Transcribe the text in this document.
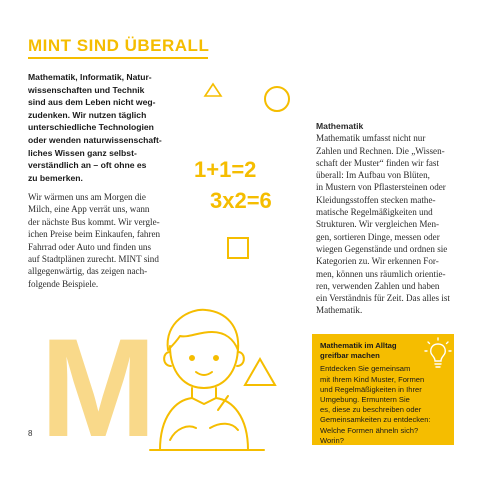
MINT SIND ÜBERALL
Mathematik, Informatik, Natur-
wissenschaften und Technik
sind aus dem Leben nicht weg-
zudenken. Wir nutzen täglich
unterschiedliche Technologien
oder wenden naturwissenschaft-
liches Wissen ganz selbst-
verständlich an – oft ohne es
zu bemerken.
Wir wärmen uns am Morgen die
Milch, eine App verrät uns, wann
der nächste Bus kommt. Wir vergle-
ichen Preise beim Einkaufen, fahren
Fahrrad oder Auto und finden uns
auf Stadtplänen zurecht. MINT sind
allgegenwärtig, das zeigen nach-
folgende Beispiele.
1+1=2
3x2=6
M
Mathematik
Mathematik umfasst nicht nur
Zahlen und Rechnen. Die „Wissen-
schaft der Muster“ finden wir fast
überall: Im Aufbau von Blüten,
in Mustern von Pflastersteinen oder
Kleidungsstoffen stecken mathe-
matische Regelmäßigkeiten und
Strukturen. Wir vergleichen Men-
gen, sortieren Dinge, messen oder
wiegen Gegenstände und ordnen sie
Kategorien zu. Wir erkennen For-
men, können uns räumlich orientie-
ren, verwenden Zahlen und haben
ein Verständnis für Zeit. Das alles ist
Mathematik.
Mathematik im Alltag
greifbar machen
Entdecken Sie gemeinsam
mit Ihrem Kind Muster, Formen
und Regelmäßigkeiten in Ihrer
Umgebung. Ermuntern Sie
es, diese zu beschreiben oder
Gemeinsamkeiten zu entdecken:
Welche Formen ähneln sich?
Worin?
8
